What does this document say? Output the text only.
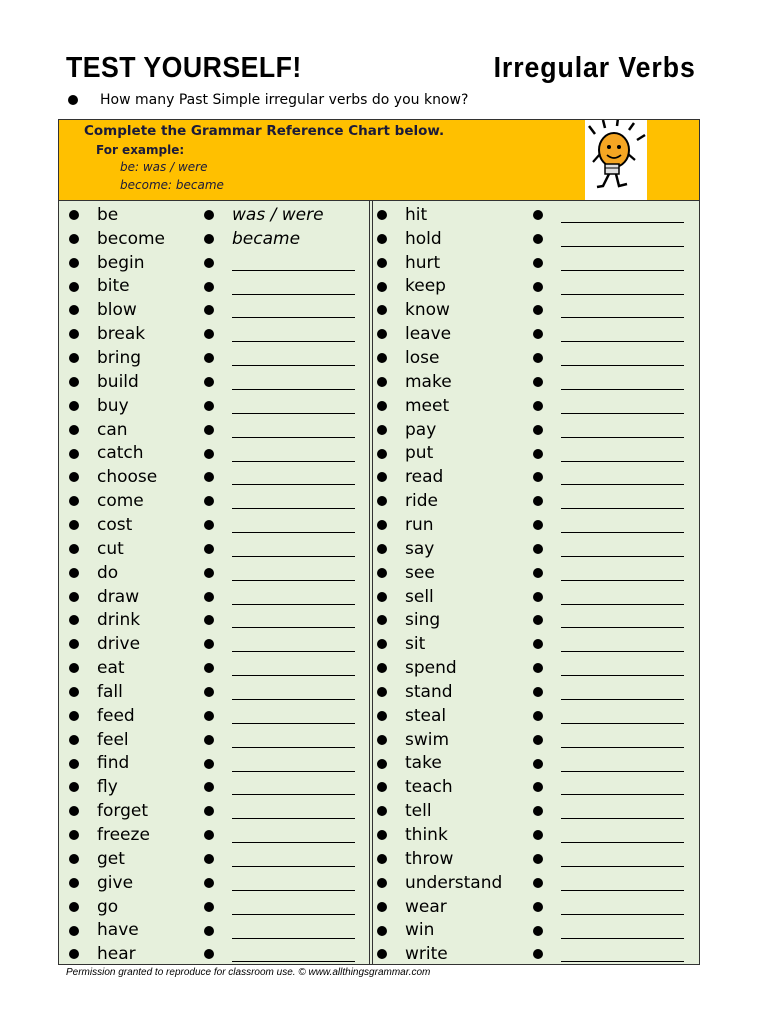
TEST YOURSELF!	Irregular Verbs
How many Past Simple irregular verbs do you know?
Complete the Grammar Reference Chart below.
For example:
be: was / were
become: became
be	was / were
become	became
begin
bite
blow
break
bring
build
buy
can
catch
choose
come
cost
cut
do
draw
drink
drive
eat
fall
feed
feel
find
fly
forget
freeze
get
give
go
have
hear
hit
hold
hurt
keep
know
leave
lose
make
meet
pay
put
read
ride
run
say
see
sell
sing
sit
spend
stand
steal
swim
take
teach
tell
think
throw
understand
wear
win
write
Permission granted to reproduce for classroom use. © www.allthingsgrammar.com
